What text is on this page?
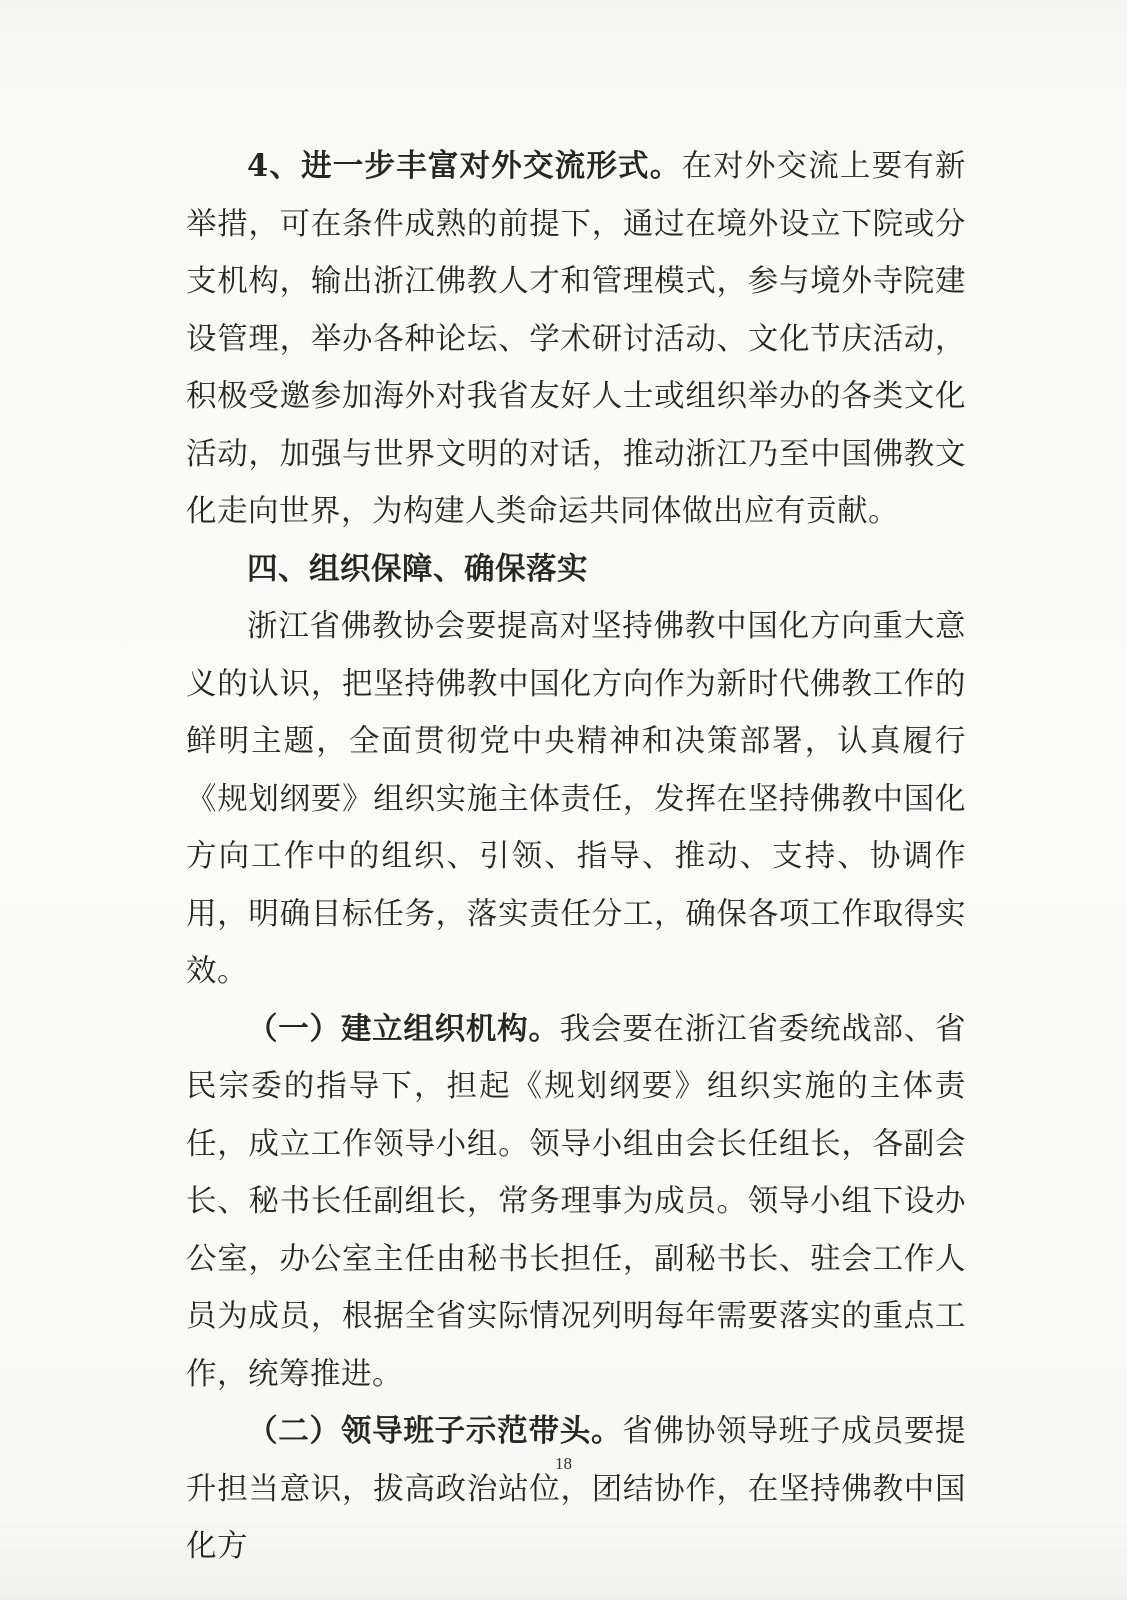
4、进一步丰富对外交流形式。在对外交流上要有新举措，可在条件成熟的前提下，通过在境外设立下院或分支机构，输出浙江佛教人才和管理模式，参与境外寺院建设管理，举办各种论坛、学术研讨活动、文化节庆活动，积极受邀参加海外对我省友好人士或组织举办的各类文化活动，加强与世界文明的对话，推动浙江乃至中国佛教文化走向世界，为构建人类命运共同体做出应有贡献。

四、组织保障、确保落实

浙江省佛教协会要提高对坚持佛教中国化方向重大意义的认识，把坚持佛教中国化方向作为新时代佛教工作的鲜明主题，全面贯彻党中央精神和决策部署，认真履行《规划纲要》组织实施主体责任，发挥在坚持佛教中国化方向工作中的组织、引领、指导、推动、支持、协调作用，明确目标任务，落实责任分工，确保各项工作取得实效。

（一）建立组织机构。我会要在浙江省委统战部、省民宗委的指导下，担起《规划纲要》组织实施的主体责任，成立工作领导小组。领导小组由会长任组长，各副会长、秘书长任副组长，常务理事为成员。领导小组下设办公室，办公室主任由秘书长担任，副秘书长、驻会工作人员为成员，根据全省实际情况列明每年需要落实的重点工作，统筹推进。

（二）领导班子示范带头。省佛协领导班子成员要提升担当意识，拔高政治站位，团结协作，在坚持佛教中国化方

18
